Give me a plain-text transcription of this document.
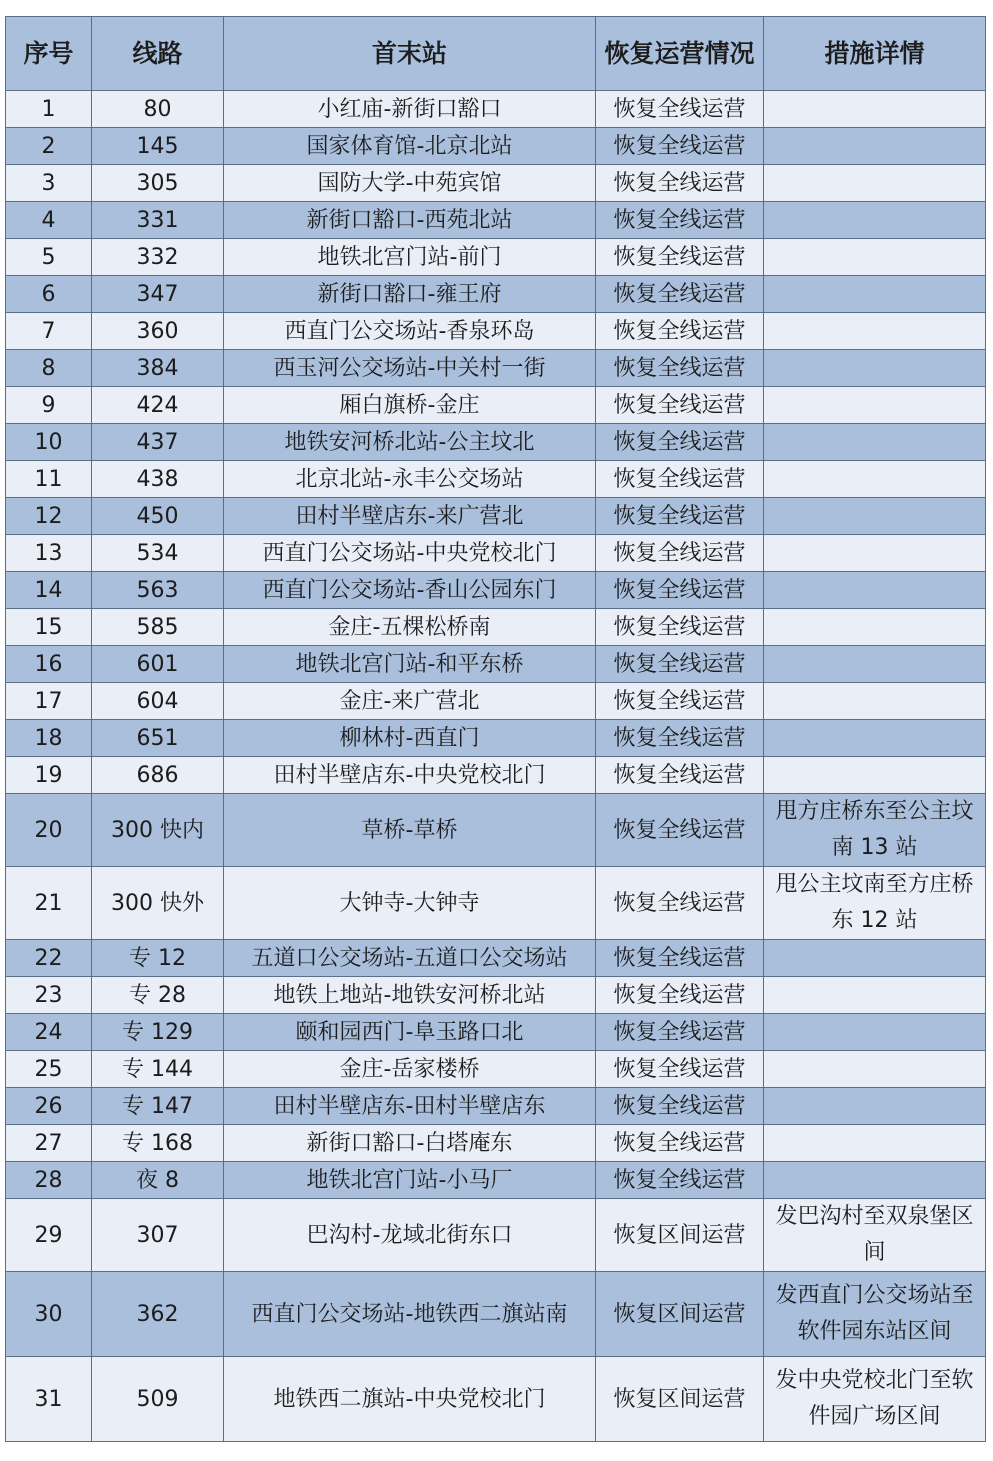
序号	线路	首末站	恢复运营情况	措施详情
1	80	小红庙-新街口豁口	恢复全线运营	
2	145	国家体育馆-北京北站	恢复全线运营	
3	305	国防大学-中苑宾馆	恢复全线运营	
4	331	新街口豁口-西苑北站	恢复全线运营	
5	332	地铁北宫门站-前门	恢复全线运营	
6	347	新街口豁口-雍王府	恢复全线运营	
7	360	西直门公交场站-香泉环岛	恢复全线运营	
8	384	西玉河公交场站-中关村一街	恢复全线运营	
9	424	厢白旗桥-金庄	恢复全线运营	
10	437	地铁安河桥北站-公主坟北	恢复全线运营	
11	438	北京北站-永丰公交场站	恢复全线运营	
12	450	田村半壁店东-来广营北	恢复全线运营	
13	534	西直门公交场站-中央党校北门	恢复全线运营	
14	563	西直门公交场站-香山公园东门	恢复全线运营	
15	585	金庄-五棵松桥南	恢复全线运营	
16	601	地铁北宫门站-和平东桥	恢复全线运营	
17	604	金庄-来广营北	恢复全线运营	
18	651	柳林村-西直门	恢复全线运营	
19	686	田村半壁店东-中央党校北门	恢复全线运营	
20	300 快内	草桥-草桥	恢复全线运营	甩方庄桥东至公主坟南 13 站
21	300 快外	大钟寺-大钟寺	恢复全线运营	甩公主坟南至方庄桥东 12 站
22	专 12	五道口公交场站-五道口公交场站	恢复全线运营	
23	专 28	地铁上地站-地铁安河桥北站	恢复全线运营	
24	专 129	颐和园西门-阜玉路口北	恢复全线运营	
25	专 144	金庄-岳家楼桥	恢复全线运营	
26	专 147	田村半壁店东-田村半壁店东	恢复全线运营	
27	专 168	新街口豁口-白塔庵东	恢复全线运营	
28	夜 8	地铁北宫门站-小马厂	恢复全线运营	
29	307	巴沟村-龙域北街东口	恢复区间运营	发巴沟村至双泉堡区间
30	362	西直门公交场站-地铁西二旗站南	恢复区间运营	发西直门公交场站至软件园东站区间
31	509	地铁西二旗站-中央党校北门	恢复区间运营	发中央党校北门至软件园广场区间
